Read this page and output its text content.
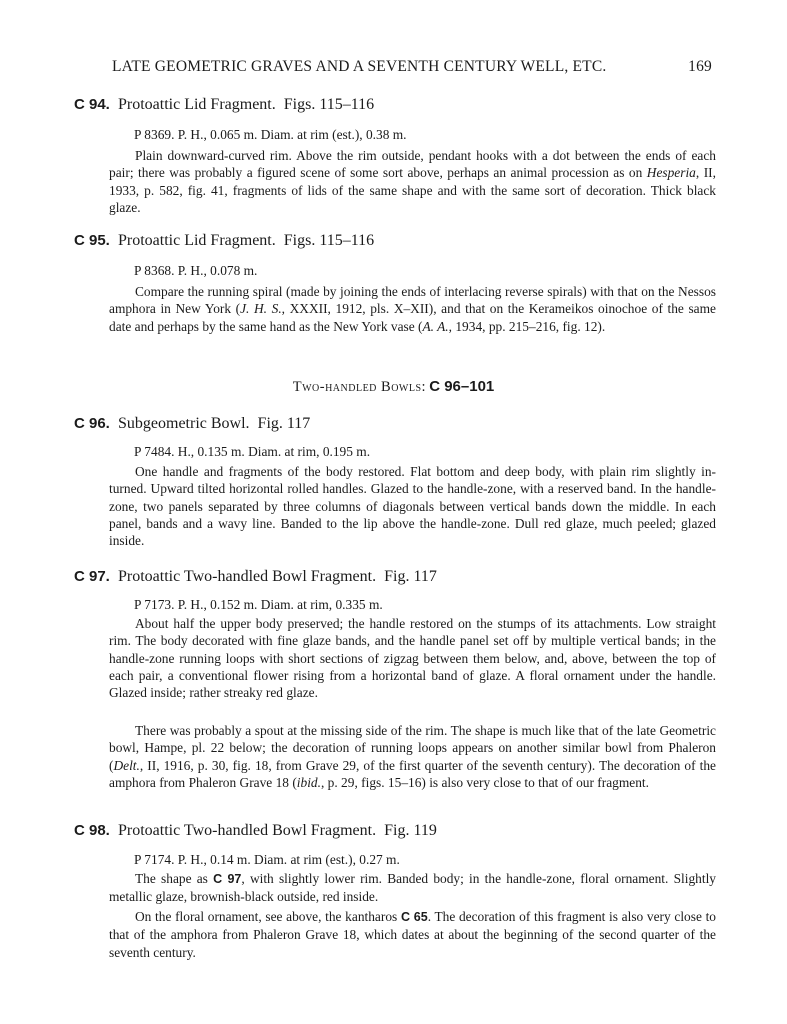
LATE GEOMETRIC GRAVES AND A SEVENTH CENTURY WELL, ETC.	169
C 94. Protoattic Lid Fragment. Figs. 115–116
P 8369. P. H., 0.065 m. Diam. at rim (est.), 0.38 m.
Plain downward-curved rim. Above the rim outside, pendant hooks with a dot between the ends of each pair; there was probably a figured scene of some sort above, perhaps an animal procession as on Hesperia, II, 1933, p. 582, fig. 41, fragments of lids of the same shape and with the same sort of decoration. Thick black glaze.
C 95. Protoattic Lid Fragment. Figs. 115–116
P 8368. P. H., 0.078 m.
Compare the running spiral (made by joining the ends of interlacing reverse spirals) with that on the Nessos amphora in New York (J. H. S., XXXII, 1912, pls. X–XII), and that on the Kerameikos oinochoe of the same date and perhaps by the same hand as the New York vase (A. A., 1934, pp. 215–216, fig. 12).
Two-handled Bowls: C 96–101
C 96. Subgeometric Bowl. Fig. 117
P 7484. H., 0.135 m. Diam. at rim, 0.195 m.
One handle and fragments of the body restored. Flat bottom and deep body, with plain rim slightly in-turned. Upward tilted horizontal rolled handles. Glazed to the handle-zone, with a reserved band. In the handle-zone, two panels separated by three columns of diagonals between vertical bands down the middle. In each panel, bands and a wavy line. Banded to the lip above the handle-zone. Dull red glaze, much peeled; glazed inside.
C 97. Protoattic Two-handled Bowl Fragment. Fig. 117
P 7173. P. H., 0.152 m. Diam. at rim, 0.335 m.
About half the upper body preserved; the handle restored on the stumps of its attachments. Low straight rim. The body decorated with fine glaze bands, and the handle panel set off by multiple vertical bands; in the handle-zone running loops with short sections of zigzag between them below, and, above, between the top of each pair, a conventional flower rising from a horizontal band of glaze. A floral ornament under the handle. Glazed inside; rather streaky red glaze.
There was probably a spout at the missing side of the rim. The shape is much like that of the late Geometric bowl, Hampe, pl. 22 below; the decoration of running loops appears on another similar bowl from Phaleron (Delt., II, 1916, p. 30, fig. 18, from Grave 29, of the first quarter of the seventh century). The decoration of the amphora from Phaleron Grave 18 (ibid., p. 29, figs. 15–16) is also very close to that of our fragment.
C 98. Protoattic Two-handled Bowl Fragment. Fig. 119
P 7174. P. H., 0.14 m. Diam. at rim (est.), 0.27 m.
The shape as C 97, with slightly lower rim. Banded body; in the handle-zone, floral ornament. Slightly metallic glaze, brownish-black outside, red inside.
On the floral ornament, see above, the kantharos C 65. The decoration of this fragment is also very close to that of the amphora from Phaleron Grave 18, which dates at about the beginning of the second quarter of the seventh century.
